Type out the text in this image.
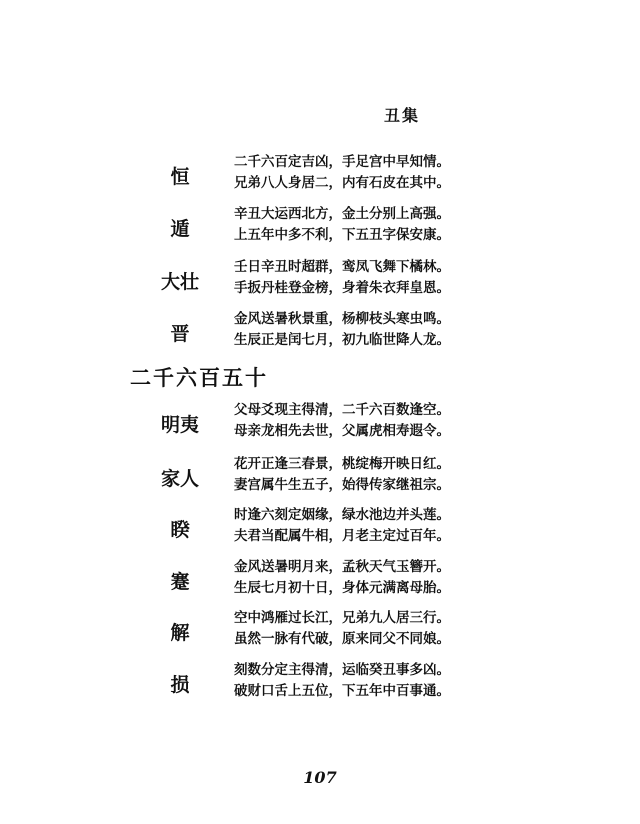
丑集
恒
二千六百定吉凶，手足宫中早知情。
兄弟八人身居二，内有石皮在其中。
遁
辛丑大运西北方，金土分别上高强。
上五年中多不利，下五丑字保安康。
大壮
壬日辛丑时超群，鸾凤飞舞下橘林。
手扳丹桂登金榜，身着朱衣拜皇恩。
晋
金风送暑秋景重，杨柳枝头寒虫鸣。
生辰正是闰七月，初九临世降人龙。
二千六百五十
明夷
父母爻现主得清，二千六百数逢空。
母亲龙相先去世，父属虎相寿遐令。
家人
花开正逢三春景，桃绽梅开映日红。
妻宫属牛生五子，始得传家继祖宗。
睽
时逢六刻定姻缘，绿水池边并头莲。
夫君当配属牛相，月老主定过百年。
蹇
金风送暑明月来，孟秋天气玉簪开。
生辰七月初十日，身体元满离母胎。
解
空中鸿雁过长江，兄弟九人居三行。
虽然一脉有代破，原来同父不同娘。
损
刻数分定主得清，运临癸丑事多凶。
破财口舌上五位，下五年中百事通。
107
